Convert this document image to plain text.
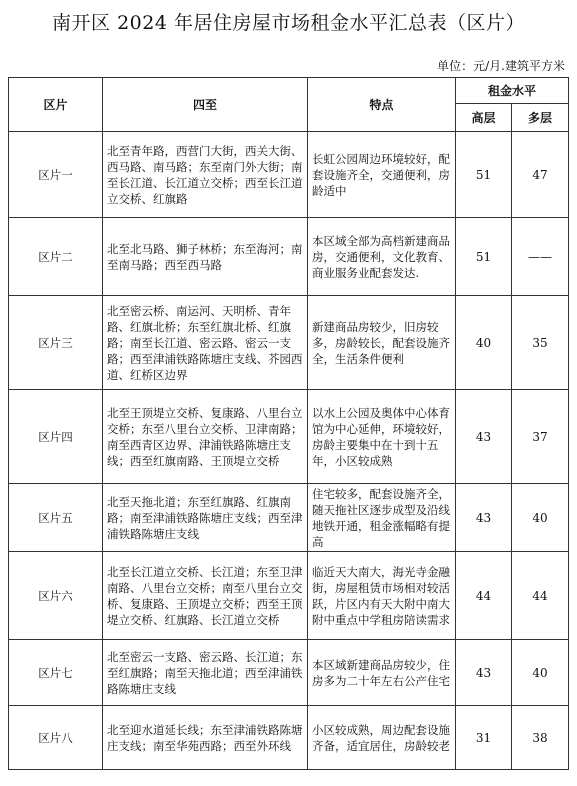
南开区 2024 年居住房屋市场租金水平汇总表（区片）
单位：元/月.建筑平方米
区片	四至	特点	租金水平	
			高层	多层
区片一	北至青年路，西营门大街，西关大街、西马路、南马路；东至南门外大街；南至长江道、长江道立交桥；西至长江道立交桥、红旗路	长虹公园周边环境较好，配套设施齐全，交通便利，房龄适中	51	47
区片二	北至北马路、狮子林桥；东至海河；南至南马路；西至西马路	本区域全部为高档新建商品房，交通便利，文化教育、商业服务业配套发达.	51	——
区片三	北至密云桥、南运河、天明桥、青年路、红旗北桥；东至红旗北桥、红旗路；南至长江道、密云路、密云一支路；西至津浦铁路陈塘庄支线、芥园西道、红桥区边界	新建商品房较少，旧房较多，房龄较长，配套设施齐全，生活条件便利	40	35
区片四	北至王顶堤立交桥、复康路、八里台立交桥；东至八里台立交桥、卫津南路；南至西青区边界、津浦铁路陈塘庄支线；西至红旗南路、王顶堤立交桥	以水上公园及奥体中心体育馆为中心延伸，环境较好，房龄主要集中在十到十五年，小区较成熟	43	37
区片五	北至天拖北道；东至红旗路、红旗南路；南至津浦铁路陈塘庄支线；西至津浦铁路陈塘庄支线	住宅较多，配套设施齐全，随天拖社区逐步成型及沿线地铁开通，租金涨幅略有提高	43	40
区片六	北至长江道立交桥、长江道；东至卫津南路、八里台立交桥；南至八里台立交桥、复康路、王顶堤立交桥；西至王顶堤立交桥、红旗路、长江道立交桥	临近天大南大，海光寺金融街，房屋租赁市场相对较活跃，片区内有天大附中南大附中重点中学租房陪读需求	44	44
区片七	北至密云一支路、密云路、长江道；东至红旗路；南至天拖北道；西至津浦铁路陈塘庄支线	本区域新建商品房较少，住房多为二十年左右公产住宅	43	40
区片八	北至迎水道延长线；东至津浦铁路陈塘庄支线；南至华苑西路；西至外环线	小区较成熟，周边配套设施齐备，适宜居住，房龄较老	31	38
